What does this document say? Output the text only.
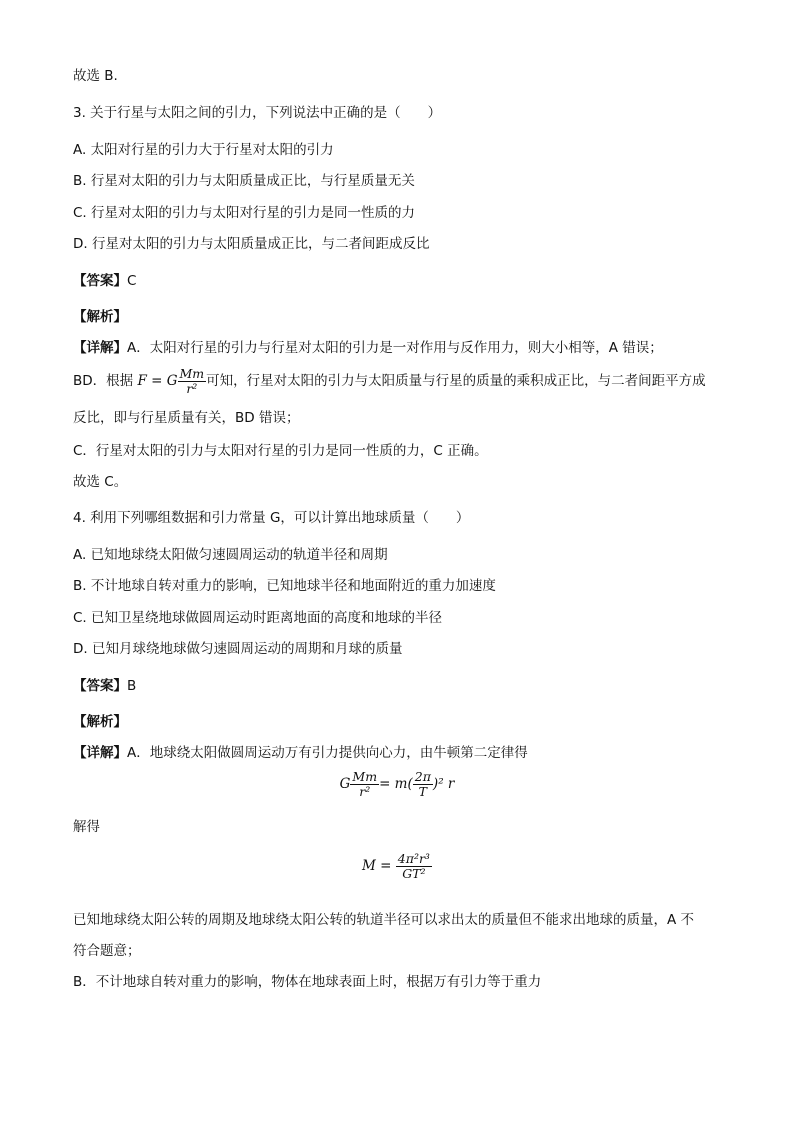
故选 B.
3. 关于行星与太阳之间的引力，下列说法中正确的是（　　）
A. 太阳对行星的引力大于行星对太阳的引力
B. 行星对太阳的引力与太阳质量成正比，与行星质量无关
C. 行星对太阳的引力与太阳对行星的引力是同一性质的力
D. 行星对太阳的引力与太阳质量成正比，与二者间距成反比
【答案】C
【解析】
【详解】A．太阳对行星的引力与行星对太阳的引力是一对作用与反作用力，则大小相等，A 错误；
BD．根据 F = G $\frac{Mm}{\text{r²}}$ 可知，行星对太阳的引力与太阳质量与行星的质量的乘积成正比，与二者间距平方成
反比，即与行星质量有关，BD 错误；
C．行星对太阳的引力与太阳对行星的引力是同一性质的力，C 正确。
故选 C。
4. 利用下列哪组数据和引力常量 G，可以计算出地球质量（　　）
A. 已知地球绕太阳做匀速圆周运动的轨道半径和周期
B. 不计地球自转对重力的影响，已知地球半径和地面附近的重力加速度
C. 已知卫星绕地球做圆周运动时距离地面的高度和地球的半径
D. 已知月球绕地球做匀速圆周运动的周期和月球的质量
【答案】B
【解析】
【详解】A．地球绕太阳做圆周运动万有引力提供向心力，由牛顿第二定律得
G $\frac{Mm}{\text{r²}} = m( \frac{2\pi}{T} )^2$ r
解得
$M = \frac{\text{4π²r³}}{\text{GT²}}$
已知地球绕太阳公转的周期及地球绕太阳公转的轨道半径可以求出太的质量但不能求出地球的质量，A 不
符合题意；
B．不计地球自转对重力的影响，物体在地球表面上时，根据万有引力等于重力
